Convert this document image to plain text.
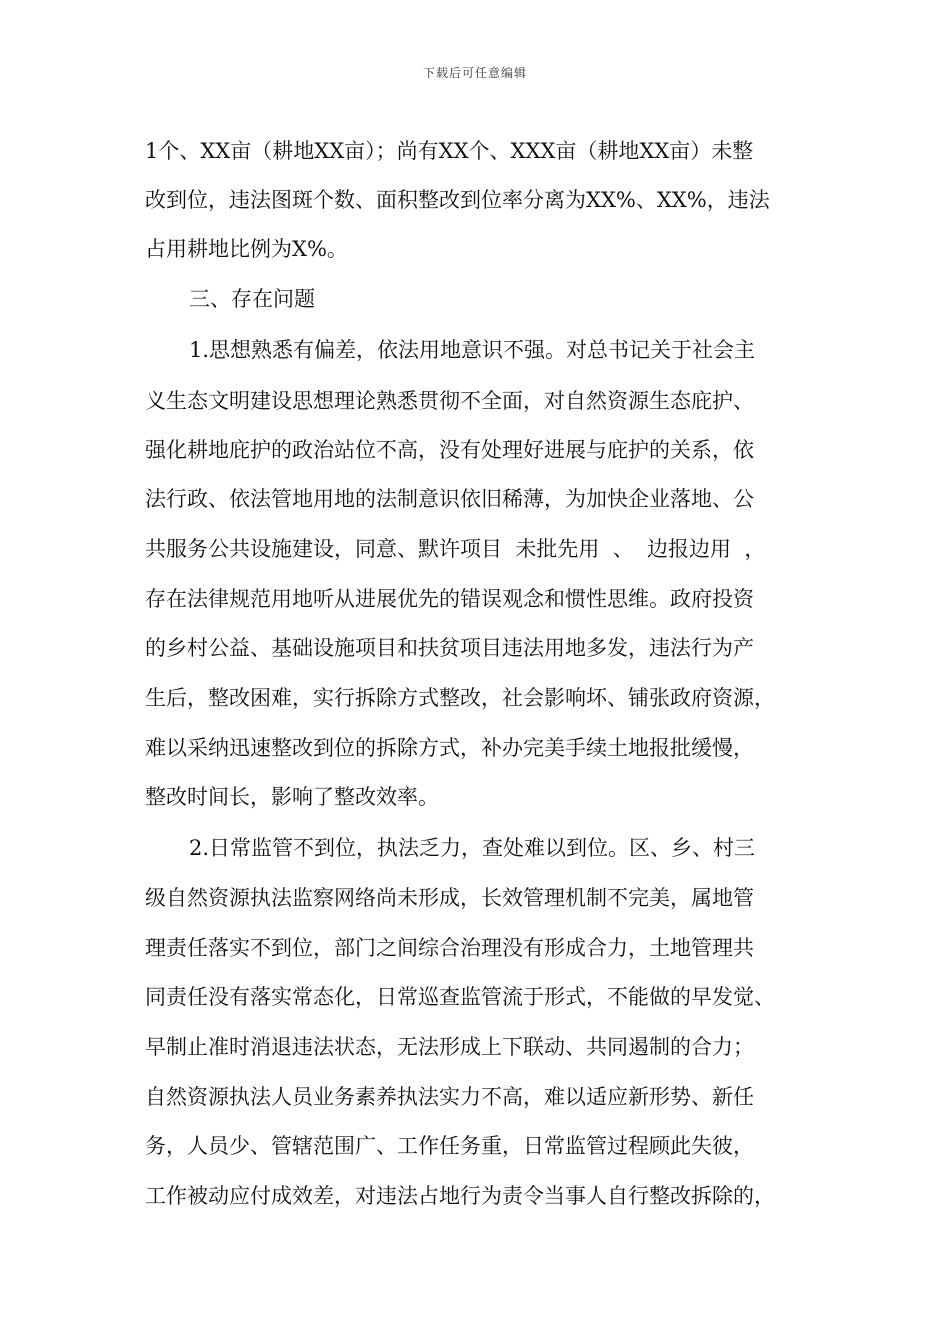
下载后可任意编辑
1个、XX亩（耕地XX亩）；尚有XX个、XXX亩（耕地XX亩）未整
改到位，违法图斑个数、面积整改到位率分离为XX%、XX%，违法
占用耕地比例为X%。
三、存在问题
1.思想熟悉有偏差，依法用地意识不强。对总书记关于社会主
义生态文明建设思想理论熟悉贯彻不全面，对自然资源生态庇护、
强化耕地庇护的政治站位不高，没有处理好进展与庇护的关系，依
法行政、依法管地用地的法制意识依旧稀薄，为加快企业落地、公
共服务公共设施建设，同意、默许项目  未批先用  、  边报边用  ，
存在法律规范用地听从进展优先的错误观念和惯性思维。政府投资
的乡村公益、基础设施项目和扶贫项目违法用地多发，违法行为产
生后，整改困难，实行拆除方式整改，社会影响坏、铺张政府资源，
难以采纳迅速整改到位的拆除方式，补办完美手续土地报批缓慢，
整改时间长，影响了整改效率。
2.日常监管不到位，执法乏力，查处难以到位。区、乡、村三
级自然资源执法监察网络尚未形成，长效管理机制不完美，属地管
理责任落实不到位，部门之间综合治理没有形成合力，土地管理共
同责任没有落实常态化，日常巡查监管流于形式，不能做的早发觉、
早制止准时消退违法状态，无法形成上下联动、共同遏制的合力；
自然资源执法人员业务素养执法实力不高，难以适应新形势、新任
务，人员少、管辖范围广、工作任务重，日常监管过程顾此失彼，
工作被动应付成效差，对违法占地行为责令当事人自行整改拆除的，
